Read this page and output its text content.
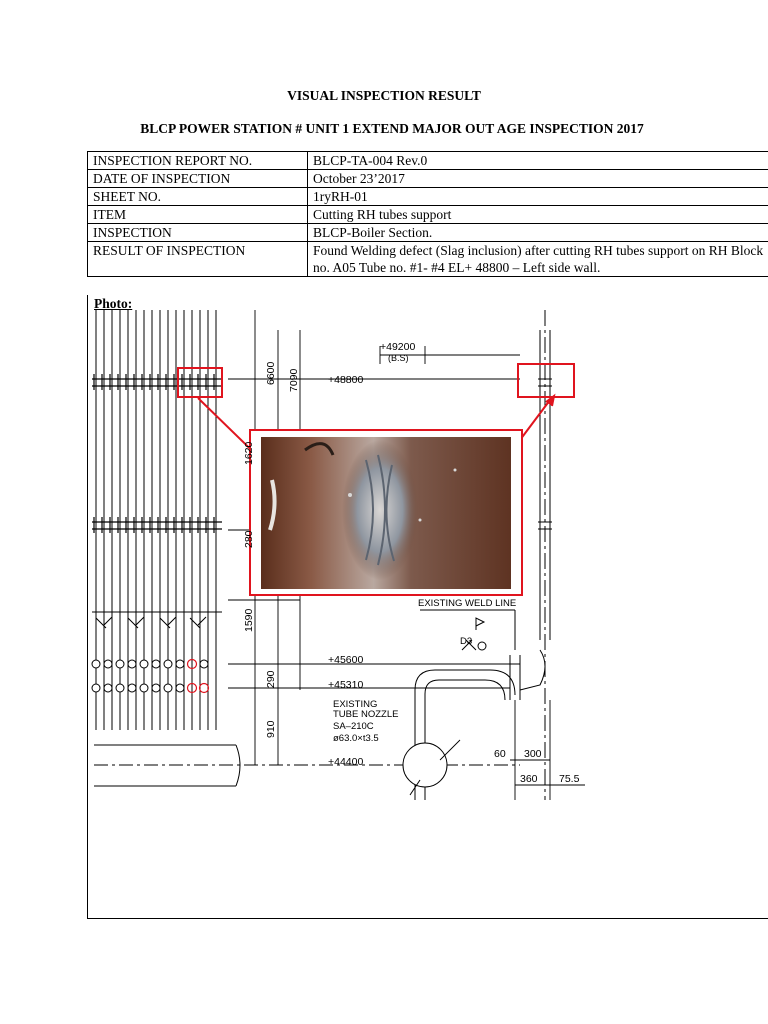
VISUAL INSPECTION RESULT
BLCP POWER STATION # UNIT 1 EXTEND MAJOR OUT AGE INSPECTION 2017
INSPECTION REPORT NO.	BLCP-TA-004 Rev.0
DATE OF INSPECTION	October 23’2017
SHEET NO.	1ryRH-01
ITEM	Cutting RH tubes support
INSPECTION	BLCP-Boiler Section.
RESULT OF INSPECTION	Found Welding defect (Slag inclusion) after cutting RH tubes support on RH Block no. A05 Tube no. #1- #4 EL+ 48800 – Left side wall.
Photo:
+49200
(B.S)
+48800
+45600
+45310
+44400
EXISTING WELD LINE
D3
EXISTING
TUBE NOZZLE
SA–210C
ø63.0×t3.5
60 300
360 75.5
6600 7090
1620
280
1590
290
910
